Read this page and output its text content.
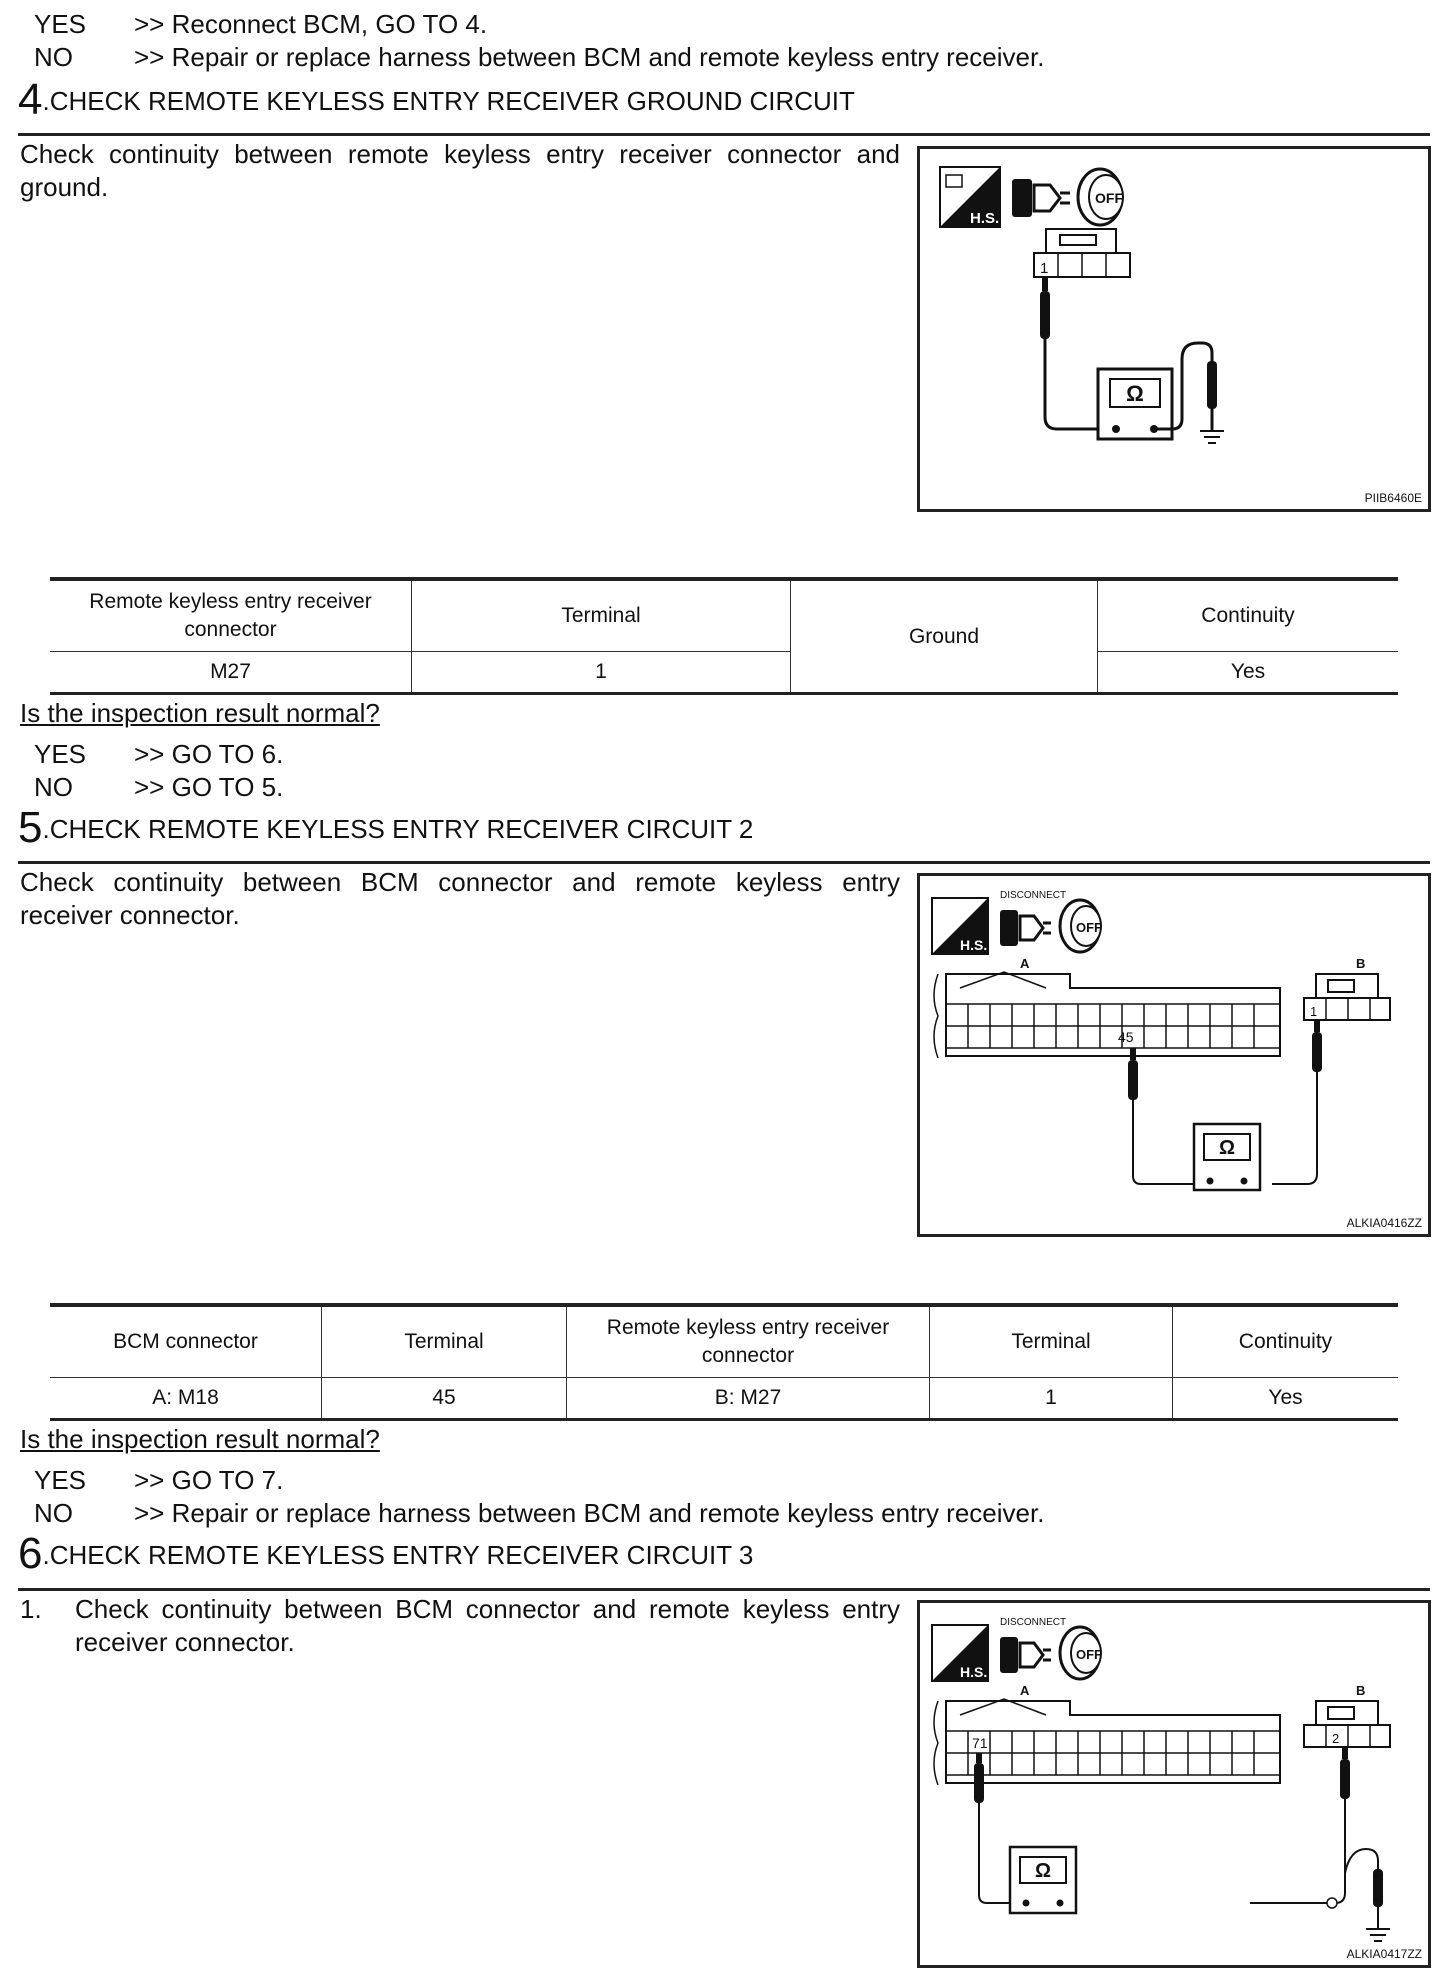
YES >> Reconnect BCM, GO TO 4.
NO >> Repair or replace harness between BCM and remote keyless entry receiver.
4.CHECK REMOTE KEYLESS ENTRY RECEIVER GROUND CIRCUIT
Check continuity between remote keyless entry receiver connector and ground.
H.S.
OFF
1
Ω
PIIB6460E
Remote keyless entry receiver connector	Terminal	Ground	Continuity
M27	1		Yes
Is the inspection result normal?
YES >> GO TO 6.
NO >> GO TO 5.
5.CHECK REMOTE KEYLESS ENTRY RECEIVER CIRCUIT 2
Check continuity between BCM connector and remote keyless entry receiver connector.
H.S.
DISCONNECT
OFF
A	B
45
1
Ω
ALKIA0416ZZ
BCM connector	Terminal	Remote keyless entry receiver connector	Terminal	Continuity
A: M18	45	B: M27	1	Yes
Is the inspection result normal?
YES >> GO TO 7.
NO >> Repair or replace harness between BCM and remote keyless entry receiver.
6.CHECK REMOTE KEYLESS ENTRY RECEIVER CIRCUIT 3
1. Check continuity between BCM connector and remote keyless entry receiver connector.
H.S.
DISCONNECT
OFF
A	B
71	2
Ω
ALKIA0417ZZ
